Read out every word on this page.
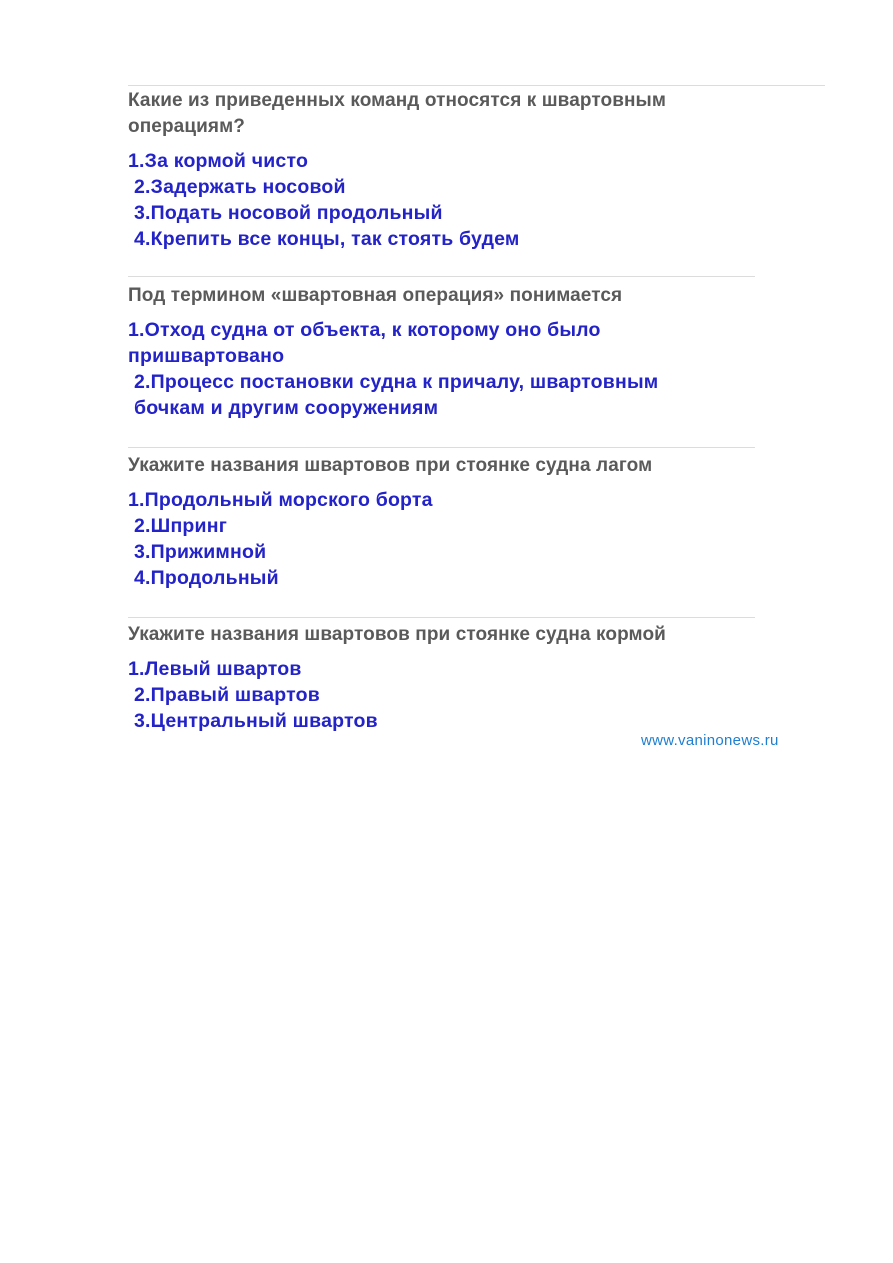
Какие из приведенных команд относятся к швартовным операциям?
1.За кормой чисто
2.Задержать носовой
3.Подать носовой продольный
4.Крепить все концы, так стоять будем
Под термином «швартовная операция» понимается
1.Отход судна от объекта, к которому оно было пришвартовано
2.Процесс постановки судна к причалу, швартовным бочкам и другим сооружениям
Укажите названия швартовов при стоянке судна лагом
1.Продольный морского борта
2.Шпринг
3.Прижимной
4.Продольный
Укажите названия швартовов при стоянке судна кормой
1.Левый швартов
2.Правый швартов
3.Центральный швартов
www.vaninonews.ru
